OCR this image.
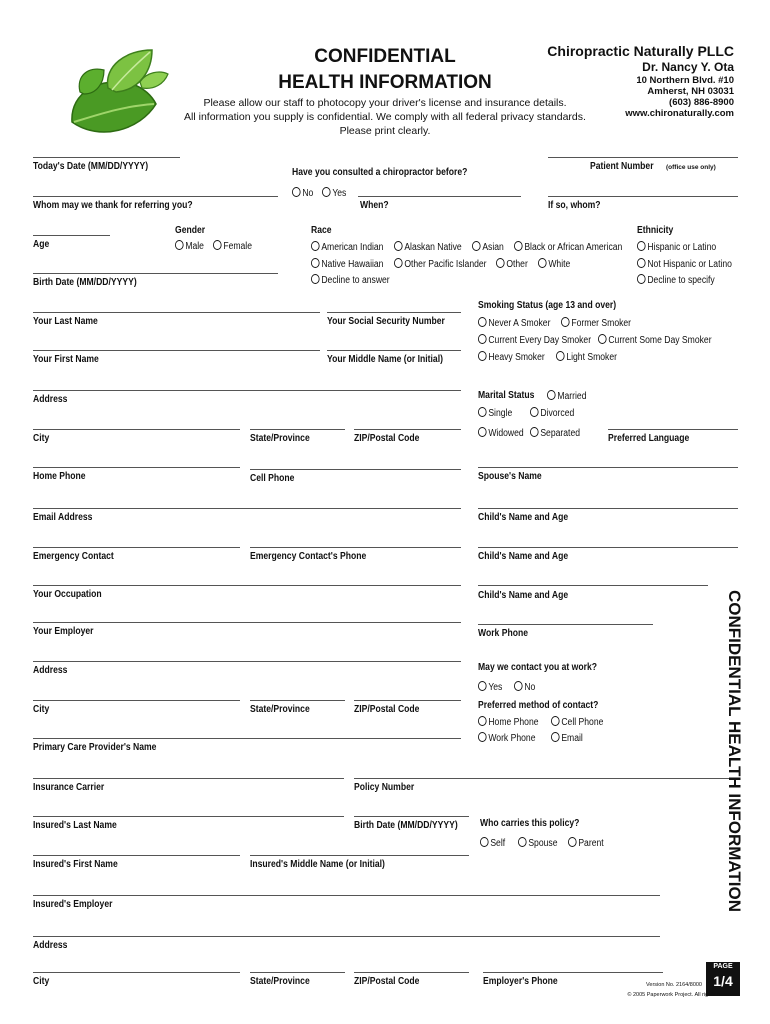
CONFIDENTIAL
HEALTH INFORMATION
Please allow our staff to photocopy your driver's license and insurance details.
All information you supply is confidential. We comply with all federal privacy standards.
Please print clearly.
Chiropractic Naturally PLLC
Dr. Nancy Y. Ota
10 Northern Blvd. #10
Amherst, NH 03031
(603) 886-8900
www.chironaturally.com
Today's Date (MM/DD/YYYY)
Have you consulted a chiropractor before?
Patient Number (office use only)
No	Yes
Whom may we thank for referring you?	When?	If so, whom?
Gender
Male	Female
Age
Race
American Indian	Alaskan Native	Asian	Black or African American
Native Hawaiian	Other Pacific Islander	Other	White
Decline to answer
Ethnicity
Hispanic or Latino
Not Hispanic or Latino
Decline to specify
Birth Date (MM/DD/YYYY)
Smoking Status (age 13 and over)
Never A Smoker	Former Smoker
Current Every Day Smoker	Current Some Day Smoker
Heavy Smoker	Light Smoker
Your Last Name	Your Social Security Number
Your First Name	Your Middle Name (or Initial)
Marital Status	Married
Single	Divorced
Widowed	Separated
Address
City	State/Province	ZIP/Postal Code	Preferred Language
Home Phone	Cell Phone	Spouse's Name
Email Address	Child's Name and Age
Emergency Contact	Emergency Contact's Phone	Child's Name and Age
Your Occupation	Child's Name and Age
Your Employer	Work Phone
Address	May we contact you at work?
Yes	No
City	State/Province	ZIP/Postal Code	Preferred method of contact?
Home Phone	Cell Phone
Work Phone	Email
Primary Care Provider's Name
Insurance Carrier	Policy Number
Insured's Last Name	Birth Date (MM/DD/YYYY) Who carries this policy?
Self	Spouse	Parent
Insured's First Name	Insured's Middle Name (or Initial)
Insured's Employer
Address
City	State/Province	ZIP/Postal Code	Employer's Phone
CONFIDENTIAL HEALTH INFORMATION
PAGE
1/4
Version No. 2164/8000
© 2005 Paperwork Project. All rights reserved.
